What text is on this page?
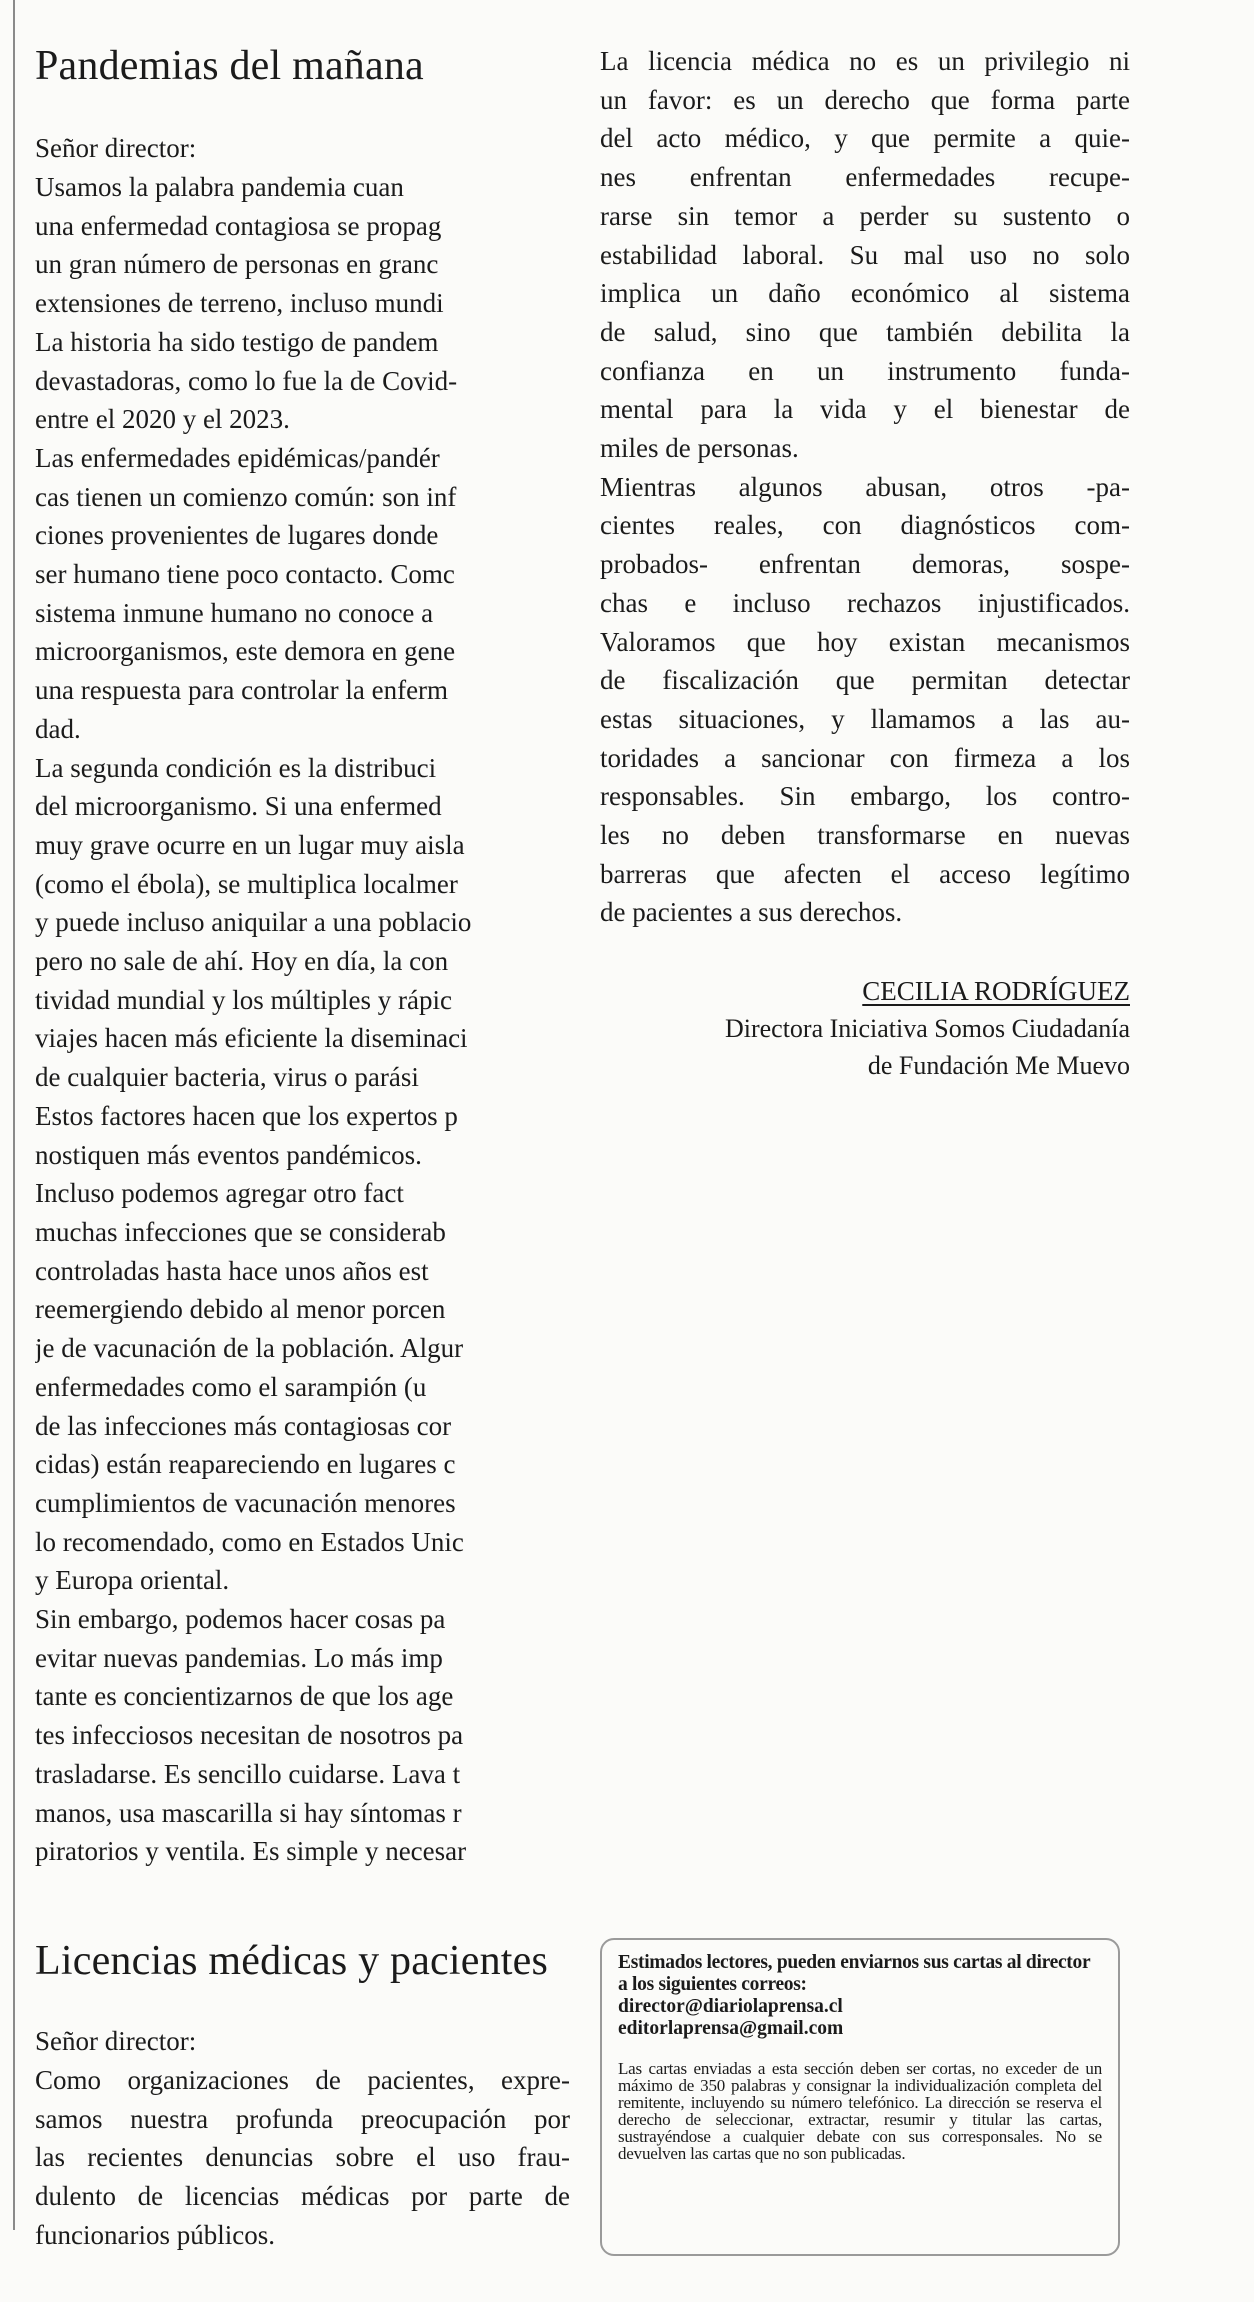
Pandemias del mañana

Señor director:

Usamos la palabra pandemia cuan
una enfermedad contagiosa se propag
un gran número de personas en granc
extensiones de terreno, incluso mundi
La historia ha sido testigo de pandem
devastadoras, como lo fue la de Covid-
entre el 2020 y el 2023.
Las enfermedades epidémicas/pandér
cas tienen un comienzo común: son inf
ciones provenientes de lugares donde
ser humano tiene poco contacto. Comc
sistema inmune humano no conoce a
microorganismos, este demora en gene
una respuesta para controlar la enferm
dad.
La segunda condición es la distribuci
del microorganismo. Si una enfermed
muy grave ocurre en un lugar muy aisla
(como el ébola), se multiplica localmer
y puede incluso aniquilar a una poblacio
pero no sale de ahí. Hoy en día, la con
tividad mundial y los múltiples y rápic
viajes hacen más eficiente la diseminaci
de cualquier bacteria, virus o parási
Estos factores hacen que los expertos p
nostiquen más eventos pandémicos.
Incluso podemos agregar otro fact
muchas infecciones que se considerab
controladas hasta hace unos años est
reemergiendo debido al menor porcen
je de vacunación de la población. Algur
enfermedades como el sarampión (u
de las infecciones más contagiosas cor
cidas) están reapareciendo en lugares c
cumplimientos de vacunación menores
lo recomendado, como en Estados Unic
y Europa oriental.
Sin embargo, podemos hacer cosas pa
evitar nuevas pandemias. Lo más imp
tante es concientizarnos de que los age
tes infecciosos necesitan de nosotros pa
trasladarse. Es sencillo cuidarse. Lava t
manos, usa mascarilla si hay síntomas r
piratorios y ventila. Es simple y necesar
La licencia médica no es un privilegio ni
un favor: es un derecho que forma parte
del acto médico, y que permite a quie-
nes enfrentan enfermedades recupe-
rarse sin temor a perder su sustento o
estabilidad laboral. Su mal uso no solo
implica un daño económico al sistema
de salud, sino que también debilita la
confianza en un instrumento funda-
mental para la vida y el bienestar de
miles de personas.
Mientras algunos abusan, otros -pa-
cientes reales, con diagnósticos com-
probados- enfrentan demoras, sospe-
chas e incluso rechazos injustificados.
Valoramos que hoy existan mecanismos
de fiscalización que permitan detectar
estas situaciones, y llamamos a las au-
toridades a sancionar con firmeza a los
responsables. Sin embargo, los contro-
les no deben transformarse en nuevas
barreras que afecten el acceso legítimo
de pacientes a sus derechos.
CECILIA RODRÍGUEZ
Directora Iniciativa Somos Ciudadanía
de Fundación Me Muevo
Licencias médicas y pacientes

Señor director:

Como organizaciones de pacientes, expre-
samos nuestra profunda preocupación por
las recientes denuncias sobre el uso frau-
dulento de licencias médicas por parte de
funcionarios públicos.

Estimados lectores, pueden enviarnos sus cartas al director a los siguientes correos:

director@diariolaprensa.cl

editorlaprensa@gmail.com

Las cartas enviadas a esta sección deben ser cortas, no exceder de un máximo de 350 palabras y consignar la individualización completa del remitente, incluyendo su número telefónico. La dirección se reserva el derecho de seleccionar, extractar, resumir y titular las cartas, sustrayéndose a cualquier debate con sus corresponsales. No se devuelven las cartas que no son publicadas.
